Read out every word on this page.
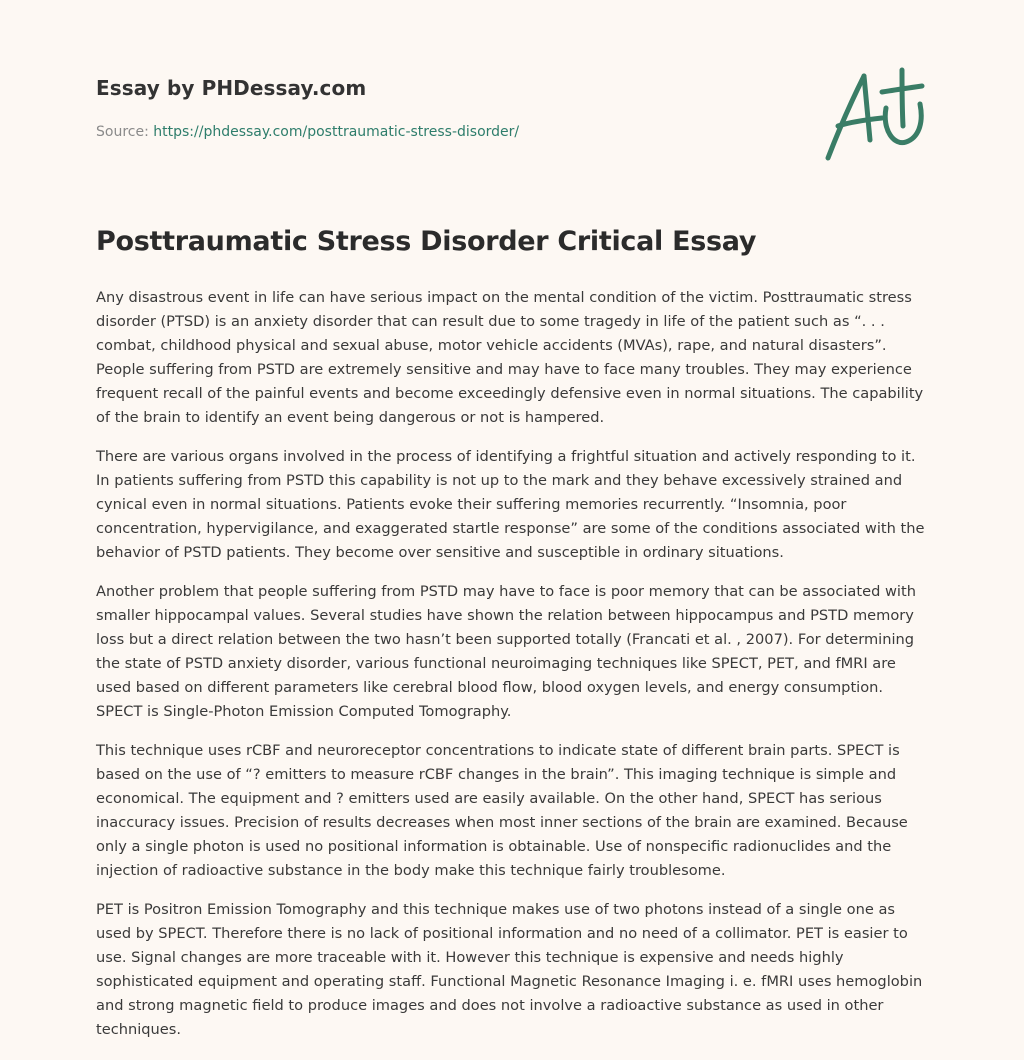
Essay by PHDessay.com
Source: https://phdessay.com/posttraumatic-stress-disorder/
Posttraumatic Stress Disorder Critical Essay

Any disastrous event in life can have serious impact on the mental condition of the victim. Posttraumatic stress disorder (PTSD) is an anxiety disorder that can result due to some tragedy in life of the patient such as “. . . combat, childhood physical and sexual abuse, motor vehicle accidents (MVAs), rape, and natural disasters”. People suffering from PSTD are extremely sensitive and may have to face many troubles. They may experience frequent recall of the painful events and become exceedingly defensive even in normal situations. The capability of the brain to identify an event being dangerous or not is hampered.

There are various organs involved in the process of identifying a frightful situation and actively responding to it. In patients suffering from PSTD this capability is not up to the mark and they behave excessively strained and cynical even in normal situations. Patients evoke their suffering memories recurrently. “Insomnia, poor concentration, hypervigilance, and exaggerated startle response” are some of the conditions associated with the behavior of PSTD patients. They become over sensitive and susceptible in ordinary situations.

Another problem that people suffering from PSTD may have to face is poor memory that can be associated with smaller hippocampal values. Several studies have shown the relation between hippocampus and PSTD memory loss but a direct relation between the two hasn’t been supported totally (Francati et al. , 2007). For determining the state of PSTD anxiety disorder, various functional neuroimaging techniques like SPECT, PET, and fMRI are used based on different parameters like cerebral blood flow, blood oxygen levels, and energy consumption. SPECT is Single-Photon Emission Computed Tomography.

This technique uses rCBF and neuroreceptor concentrations to indicate state of different brain parts. SPECT is based on the use of “? emitters to measure rCBF changes in the brain”. This imaging technique is simple and economical. The equipment and ? emitters used are easily available. On the other hand, SPECT has serious inaccuracy issues. Precision of results decreases when most inner sections of the brain are examined. Because only a single photon is used no positional information is obtainable. Use of nonspecific radionuclides and the injection of radioactive substance in the body make this technique fairly troublesome.

PET is Positron Emission Tomography and this technique makes use of two photons instead of a single one as used by SPECT. Therefore there is no lack of positional information and no need of a collimator. PET is easier to use. Signal changes are more traceable with it. However this technique is expensive and needs highly sophisticated equipment and operating staff. Functional Magnetic Resonance Imaging i. e. fMRI uses hemoglobin and strong magnetic field to produce images and does not involve a radioactive substance as used in other techniques.
